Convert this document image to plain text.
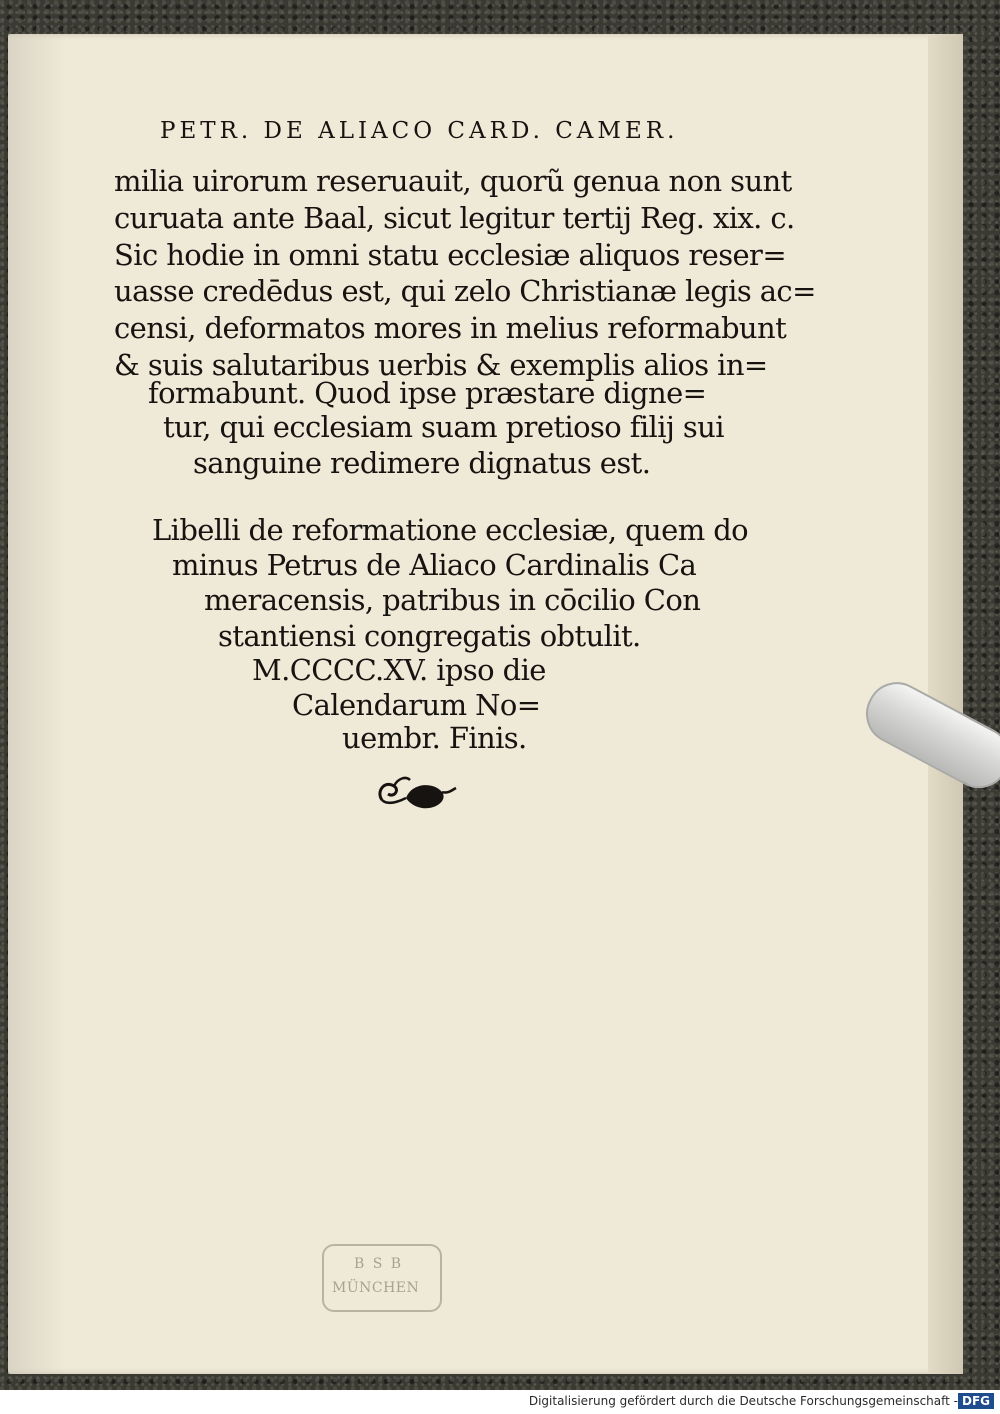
PETR. DE ALIACO CARD. CAMER.
milia uirorum reseruauit, quorũ genua non sunt
curuata ante Baal, sicut legitur tertij Reg. xix. c.
Sic hodie in omni statu ecclesiæ aliquos reser=
uasse credēdus est, qui zelo Christianæ legis ac=
censi, deformatos mores in melius reformabunt
& suis salutaribus uerbis & exemplis alios in=
formabunt. Quod ipse præstare digne=
tur, qui ecclesiam suam pretioso filij sui
sanguine redimere dignatus est.
Libelli de reformatione ecclesiæ, quem do
minus Petrus de Aliaco Cardinalis Ca
meracensis, patribus in cōcilio Con
stantiensi congregatis obtulit.
M.CCCC.XV. ipso die
Calendarum No=
uembr. Finis.
B S B
MÜNCHEN
Digitalisierung gefördert durch die Deutsche Forschungsgemeinschaft - DFG
